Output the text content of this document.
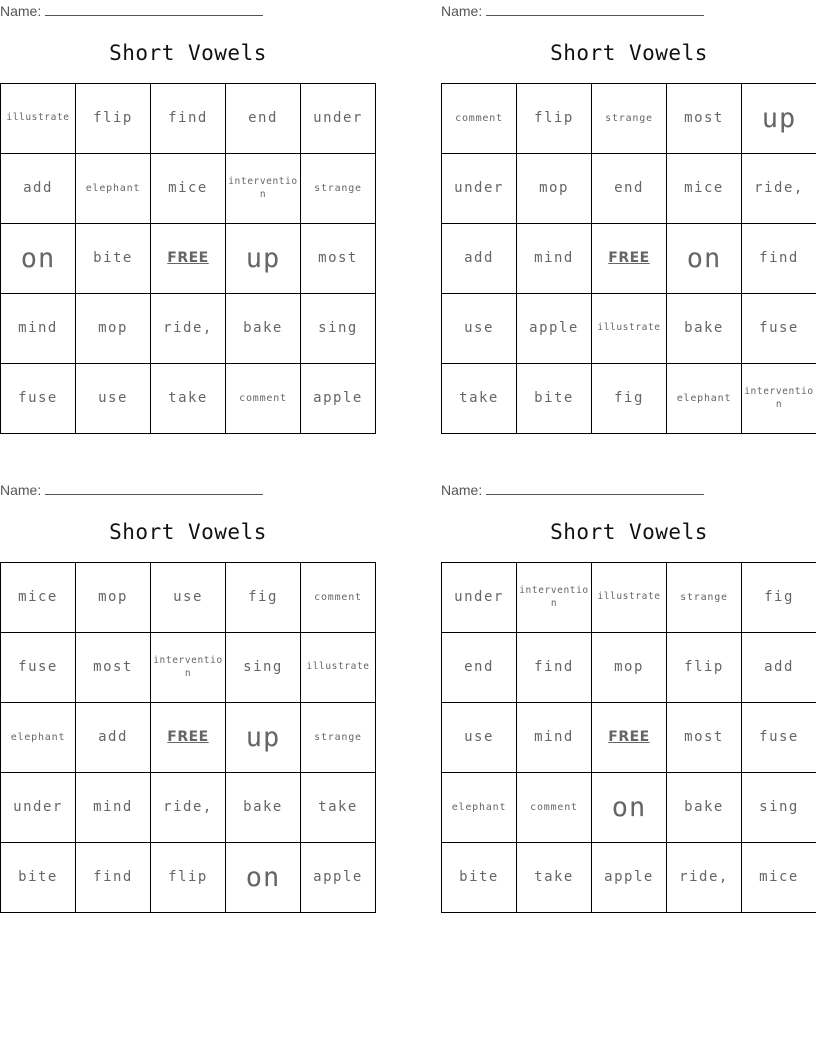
Name:
Short Vowels
illustrate	flip	find	end	under
add	elephant	mice	intervention	strange
on	bite	FREE	up	most
mind	mop	ride,	bake	sing
fuse	use	take	comment	apple
Name:
Short Vowels
comment	flip	strange	most	up
under	mop	end	mice	ride,
add	mind	FREE	on	find
use	apple	illustrate	bake	fuse
take	bite	fig	elephant	intervention
Name:
Short Vowels
mice	mop	use	fig	comment
fuse	most	intervention	sing	illustrate
elephant	add	FREE	up	strange
under	mind	ride,	bake	take
bite	find	flip	on	apple
Name:
Short Vowels
under	intervention	illustrate	strange	fig
end	find	mop	flip	add
use	mind	FREE	most	fuse
elephant	comment	on	bake	sing
bite	take	apple	ride,	mice
